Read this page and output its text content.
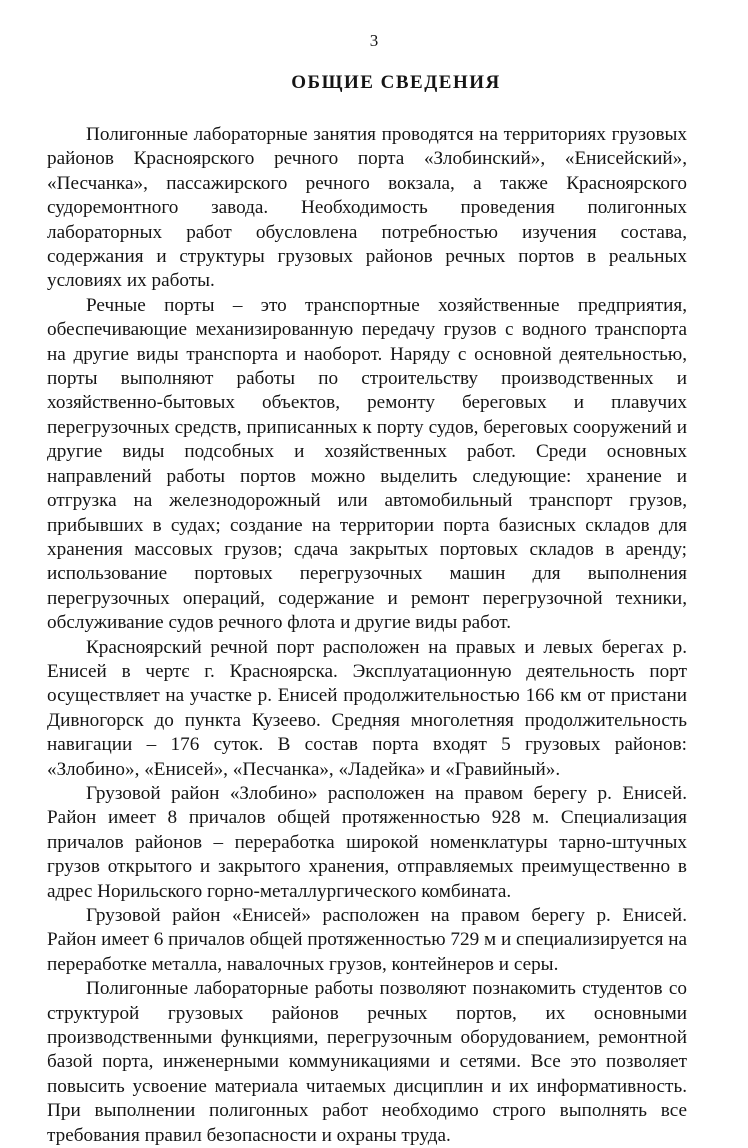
3
ОБЩИЕ СВЕДЕНИЯ

Полигонные лабораторные занятия проводятся на территориях грузовых районов Красноярского речного порта «Злобинский», «Енисейский», «Песчанка», пассажирского речного вокзала, а также Красноярского судоремонтного завода. Необходимость проведения полигонных лабораторных работ обусловлена потребностью изучения состава, содержания и структуры грузовых районов речных портов в реальных условиях их работы.

Речные порты – это транспортные хозяйственные предприятия, обеспечивающие механизированную передачу грузов с водного транспорта на другие виды транспорта и наоборот. Наряду с основной деятельностью, порты выполняют работы по строительству производственных и хозяйственно-бытовых объектов, ремонту береговых и плавучих перегрузочных средств, приписанных к порту судов, береговых сооружений и другие виды подсобных и хозяйственных работ. Среди основных направлений работы портов можно выделить следующие: хранение и отгрузка на железнодорожный или автомобильный транспорт грузов, прибывших в судах; создание на территории порта базисных складов для хранения массовых грузов; сдача закрытых портовых складов в аренду; использование портовых перегрузочных машин для выполнения перегрузочных операций, содержание и ремонт перегрузочной техники, обслуживание судов речного флота и другие виды работ.

Красноярский речной порт расположен на правых и левых берегах р. Енисей в чертє г. Красноярска. Эксплуатационную деятельность порт осуществляет на участке р. Енисей продолжительностью 166 км от пристани Дивногорск до пункта Кузеево. Средняя многолетняя продолжительность навигации – 176 суток. В состав порта входят 5 грузовых районов: «Злобино», «Енисей», «Песчанка», «Ладейка» и «Гравийный».

Грузовой район «Злобино» расположен на правом берегу р. Енисей. Район имеет 8 причалов общей протяженностью 928 м. Специализация причалов районов – переработка широкой номенклатуры тарно-штучных грузов открытого и закрытого хранения, отправляемых преимущественно в адрес Норильского горно-металлургического комбината.

Грузовой район «Енисей» расположен на правом берегу р. Енисей. Район имеет 6 причалов общей протяженностью 729 м и специализируется на переработке металла, навалочных грузов, контейнеров и серы.

Полигонные лабораторные работы позволяют познакомить студентов со структурой грузовых районов речных портов, их основными производственными функциями, перегрузочным оборудованием, ремонтной базой порта, инженерными коммуникациями и сетями. Все это позволяет повысить усвоение материала читаемых дисциплин и их информативность. При выполнении полигонных работ необходимо строго выполнять все требования правил безопасности и охраны труда.
